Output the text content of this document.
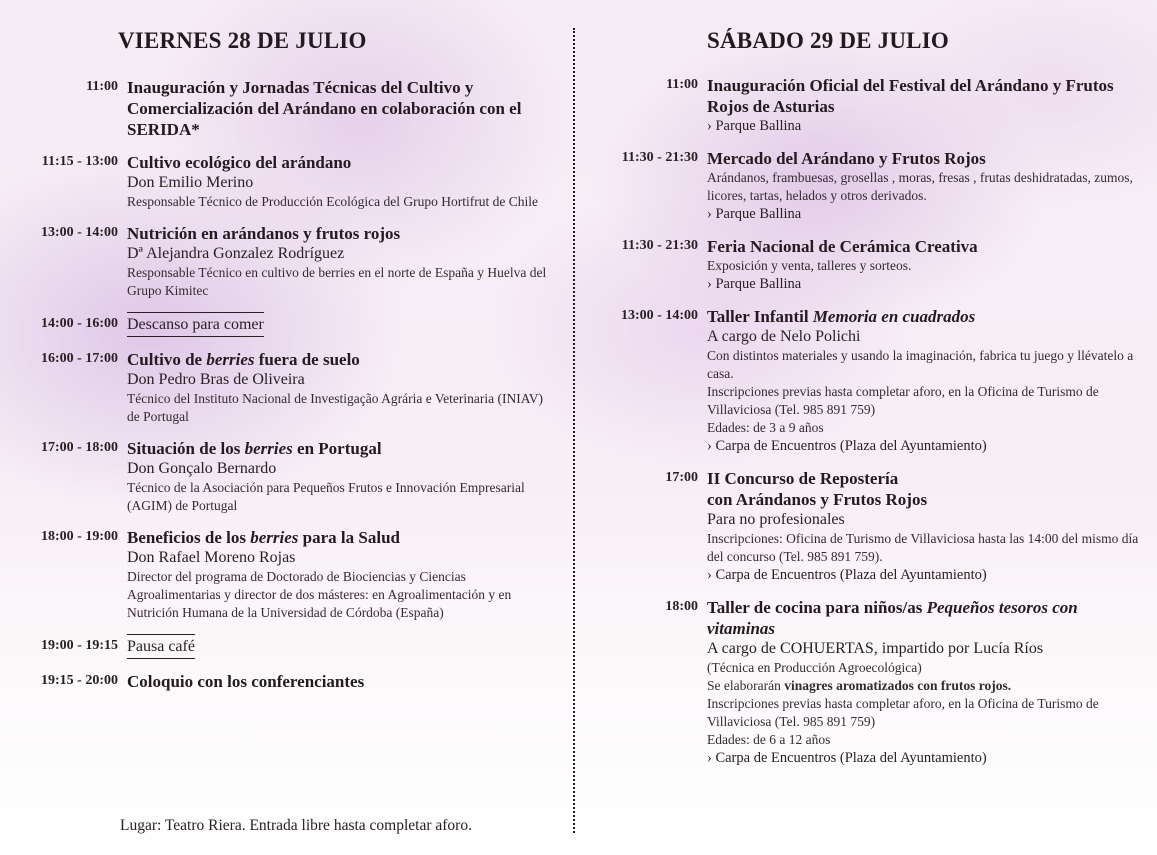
VIERNES 28 DE JULIO
11:00 Inauguración y Jornadas Técnicas del Cultivo y Comercialización del Arándano en colaboración con el SERIDA*
11:15 - 13:00 Cultivo ecológico del arándano
Don Emilio Merino
Responsable Técnico de Producción Ecológica del Grupo Hortifrut de Chile
13:00 - 14:00 Nutrición en arándanos y frutos rojos
Dª Alejandra Gonzalez Rodríguez
Responsable Técnico en cultivo de berries en el norte de España y Huelva del Grupo Kimitec
14:00 - 16:00 Descanso para comer
16:00 - 17:00 Cultivo de berries fuera de suelo
Don Pedro Bras de Oliveira
Técnico del Instituto Nacional de Investigação Agrária e Veterinaria (INIAV) de Portugal
17:00 - 18:00 Situación de los berries en Portugal
Don Gonçalo Bernardo
Técnico de la Asociación para Pequeños Frutos e Innovación Empresarial (AGIM) de Portugal
18:00 - 19:00 Beneficios de los berries para la Salud
Don Rafael Moreno Rojas
Director del programa de Doctorado de Biociencias y Ciencias Agroalimentarias y director de dos másteres: en Agroalimentación y en Nutrición Humana de la Universidad de Córdoba (España)
19:00 - 19:15 Pausa café
19:15 - 20:00 Coloquio con los conferenciantes
Lugar: Teatro Riera. Entrada libre hasta completar aforo.
SÁBADO 29 DE JULIO
11:00 Inauguración Oficial del Festival del Arándano y Frutos Rojos de Asturias
› Parque Ballina
11:30 - 21:30 Mercado del Arándano y Frutos Rojos
Arándanos, frambuesas, grosellas , moras, fresas , frutas deshidratadas, zumos, licores, tartas, helados y otros derivados.
› Parque Ballina
11:30 - 21:30 Feria Nacional de Cerámica Creativa
Exposición y venta, talleres y sorteos.
› Parque Ballina
13:00 - 14:00 Taller Infantil Memoria en cuadrados
A cargo de Nelo Polichi
Con distintos materiales y usando la imaginación, fabrica tu juego y llévatelo a casa.
Inscripciones previas hasta completar aforo, en la Oficina de Turismo de Villaviciosa (Tel. 985 891 759)
Edades: de 3 a 9 años
› Carpa de Encuentros (Plaza del Ayuntamiento)
17:00 II Concurso de Repostería
con Arándanos y Frutos Rojos
Para no profesionales
Inscripciones: Oficina de Turismo de Villaviciosa hasta las 14:00 del mismo día del concurso (Tel. 985 891 759).
› Carpa de Encuentros (Plaza del Ayuntamiento)
18:00 Taller de cocina para niños/as Pequeños tesoros con vitaminas
A cargo de COHUERTAS, impartido por Lucía Ríos
(Técnica en Producción Agroecológica)
Se elaborarán vinagres aromatizados con frutos rojos.
Inscripciones previas hasta completar aforo, en la Oficina de Turismo de Villaviciosa (Tel. 985 891 759)
Edades: de 6 a 12 años
› Carpa de Encuentros (Plaza del Ayuntamiento)
